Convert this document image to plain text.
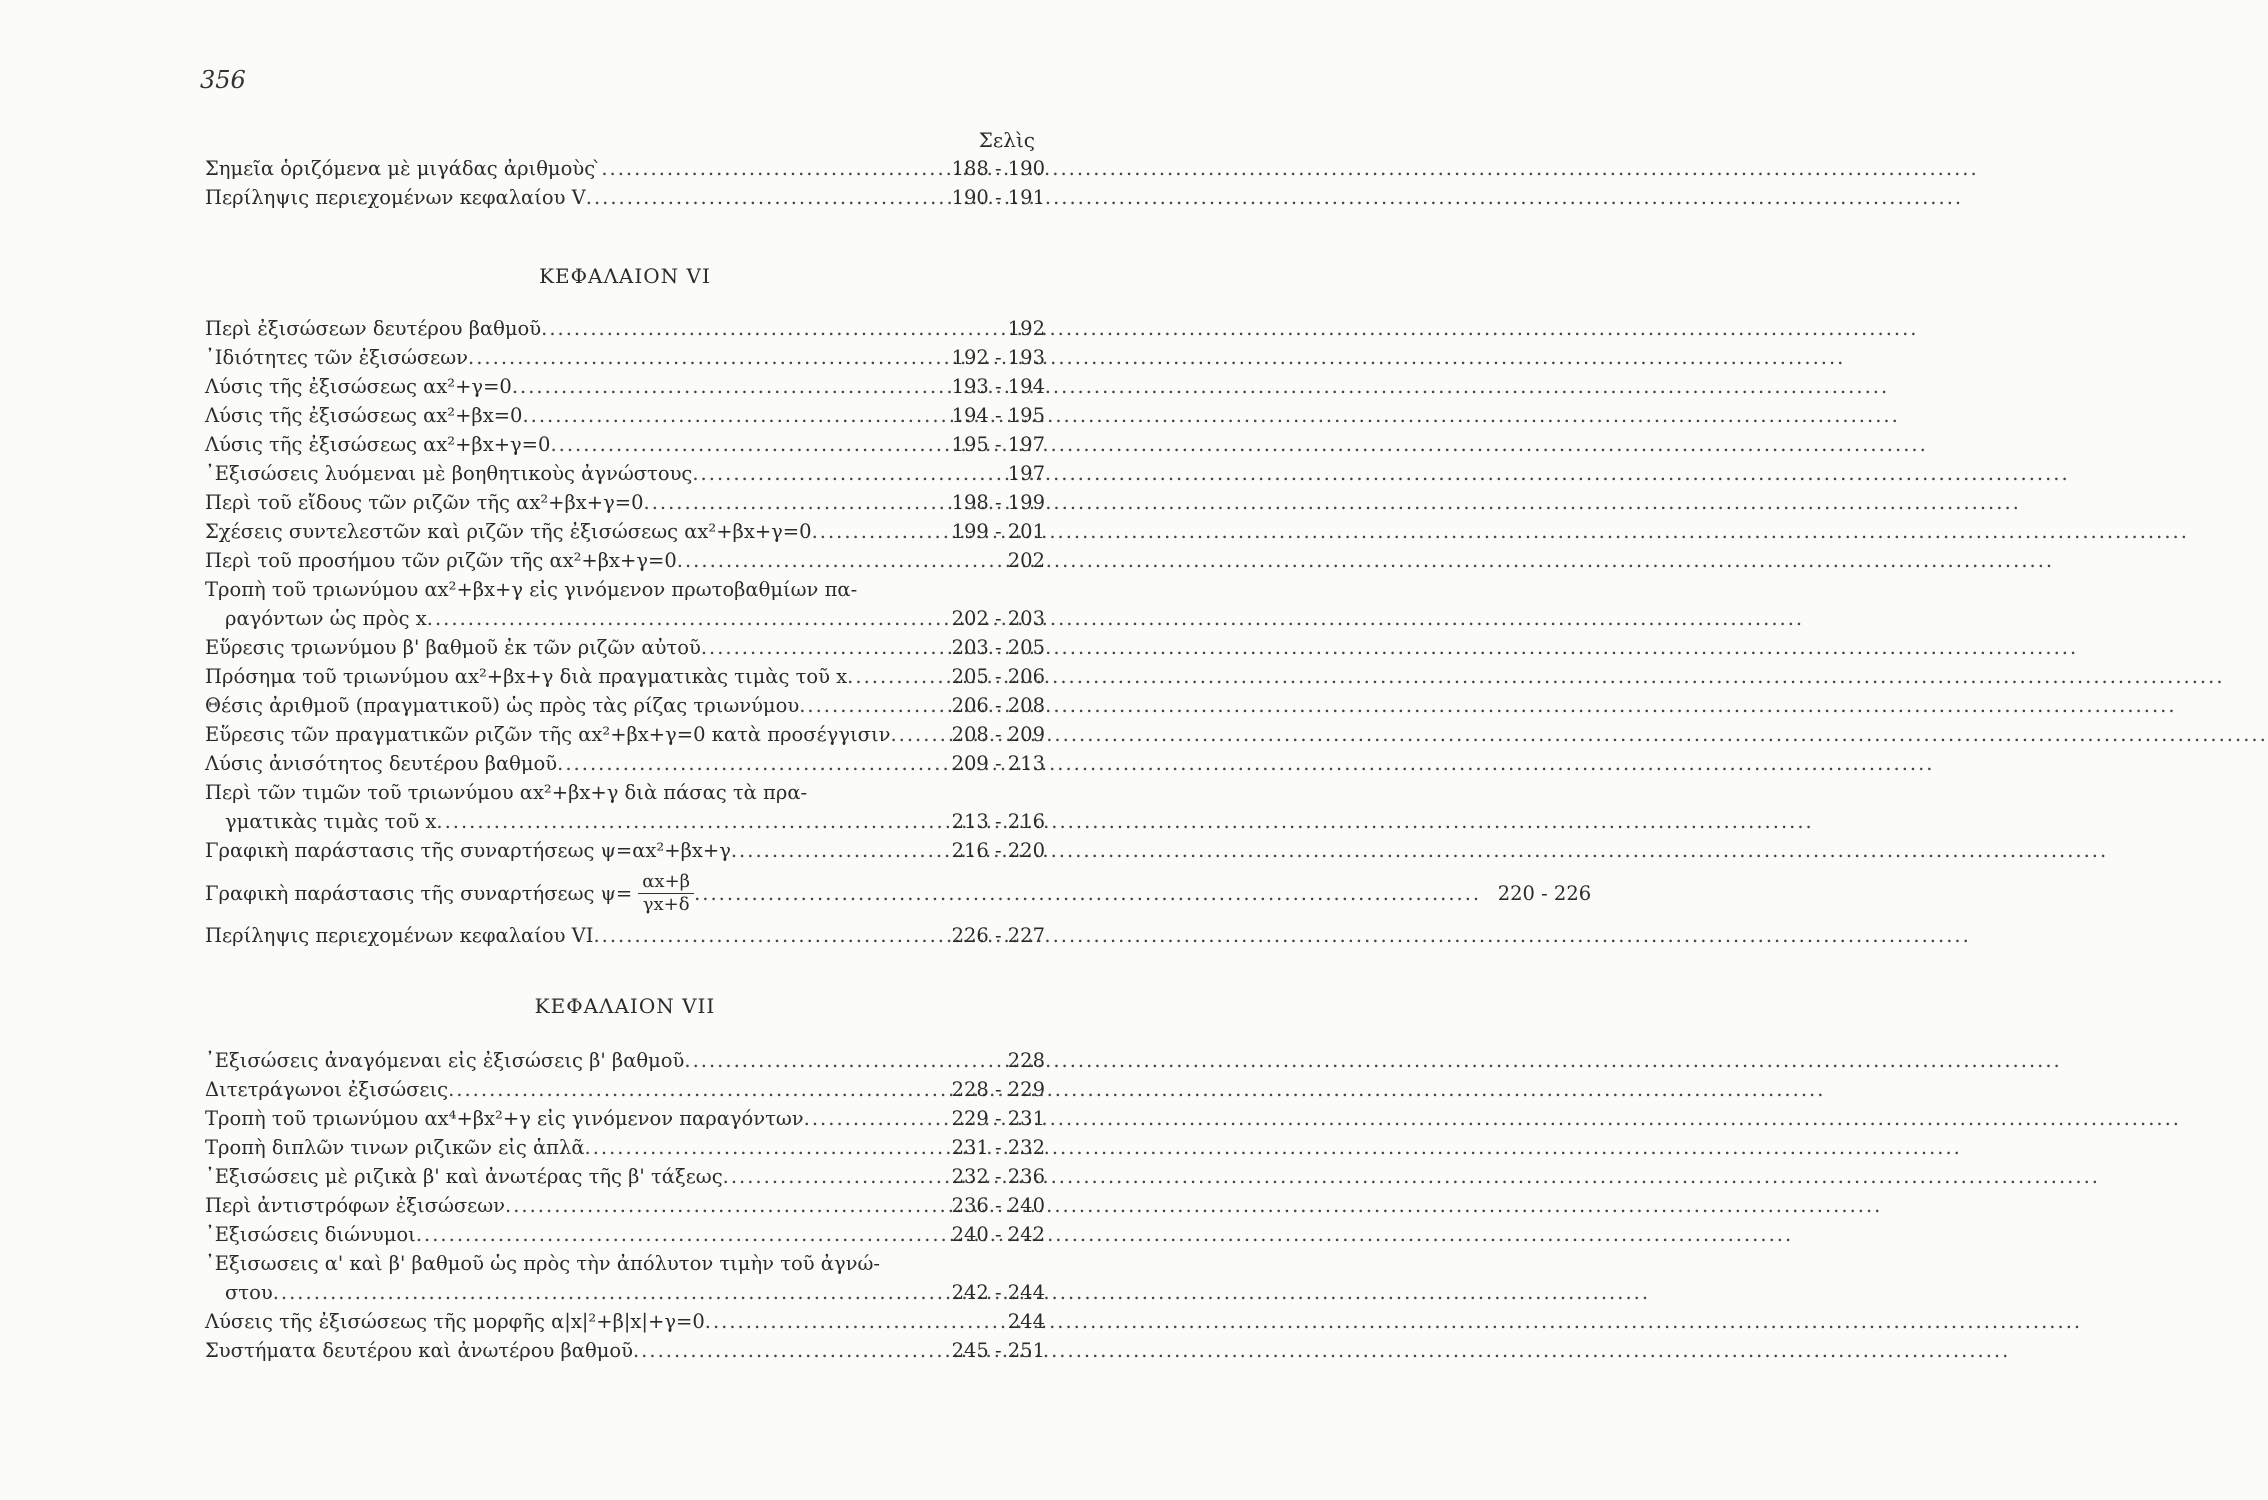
356
Σελὶς
Σημεῖα ὁριζόμενα μὲ μιγάδας ἀριθμοὺς ̀ .....	188 - 190
Περίληψις περιεχομένων κεφαλαίου V .....	190 - 191

ΚΕΦΑΛΑΙΟΝ VI

Περὶ ἐξισώσεων δευτέρου βαθμοῦ .....	192
᾿Ιδιότητες τῶν ἐξισώσεων .....	192 - 193
Λύσις τῆς ἐξισώσεως αx²+γ=0 .....	193 - 194
Λύσις τῆς ἐξισώσεως αx²+βx=0 .....	194 - 195
Λύσις τῆς ἐξισώσεως αx²+βx+γ=0 .....	195 - 197
᾿Εξισώσεις λυόμεναι μὲ βοηθητικοὺς ἀγνώστους .....	197
Περὶ τοῦ εἴδους τῶν ριζῶν τῆς αx²+βx+γ=0 .....	198 - 199
Σχέσεις συντελεστῶν καὶ ριζῶν τῆς ἐξισώσεως αx²+βx+γ=0 .....	199 - 201
Περὶ τοῦ προσήμου τῶν ριζῶν τῆς αx²+βx+γ=0 .....	202
Τροπὴ τοῦ τριωνύμου αx²+βx+γ εἰς γινόμενον πρωτοβαθμίων πα-
ραγόντων ὡς πρὸς x .....	202 - 203
Εὕρεσις τριωνύμου β' βαθμοῦ ἐκ τῶν ριζῶν αὐτοῦ .....	203 - 205
Πρόσημα τοῦ τριωνύμου αx²+βx+γ διὰ πραγματικὰς τιμὰς τοῦ x .....	205 - 206
Θέσις ἀριθμοῦ (πραγματικοῦ) ὡς πρὸς τὰς ρίζας τριωνύμου .....	206 - 208
Εὕρεσις τῶν πραγματικῶν ριζῶν τῆς αx²+βx+γ=0 κατὰ προσέγγισιν .....	208 - 209
Λύσις ἀνισότητος δευτέρου βαθμοῦ .....	209 - 213
Περὶ τῶν τιμῶν τοῦ τριωνύμου αx²+βx+γ διὰ πάσας τὰ πρα-
γματικὰς τιμὰς τοῦ x .....	213 - 216
Γραφικὴ παράστασις τῆς συναρτήσεως ψ=αx²+βx+γ .....	216 - 220
Γραφικὴ παράστασις τῆς συναρτήσεως $\psi= \frac{\alpha x+\beta}{\gamma x+\delta}$ .....	220 - 226
Περίληψις περιεχομένων κεφαλαίου VI .....	226 - 227

ΚΕΦΑΛΑΙΟΝ VII

᾿Εξισώσεις ἀναγόμεναι εἰς ἐξισώσεις β' βαθμοῦ .....	228
Διτετράγωνοι ἐξισώσεις .....	228 - 229
Τροπὴ τοῦ τριωνύμου αx⁴+βx²+γ εἰς γινόμενον παραγόντων .....	229 - 231
Τροπὴ διπλῶν τινων ριζικῶν εἰς ἁπλᾶ .....	231 - 232
᾿Εξισώσεις μὲ ριζικὰ β' καὶ ἀνωτέρας τῆς β' τάξεως .....	232 - 236
Περὶ ἀντιστρόφων ἐξισώσεων .....	236 - 240
᾿Εξισώσεις διώνυμοι .....	240 - 242
᾿Εξισωσεις α' καὶ β' βαθμοῦ ὡς πρὸς τὴν ἀπόλυτον τιμὴν τοῦ ἀγνώ-
στου .....	242 - 244
Λύσεις τῆς ἐξισώσεως τῆς μορφῆς α|x|²+β|x|+γ=0 .....	244
Συστήματα δευτέρου καὶ ἀνωτέρου βαθμοῦ .....	245 - 251
